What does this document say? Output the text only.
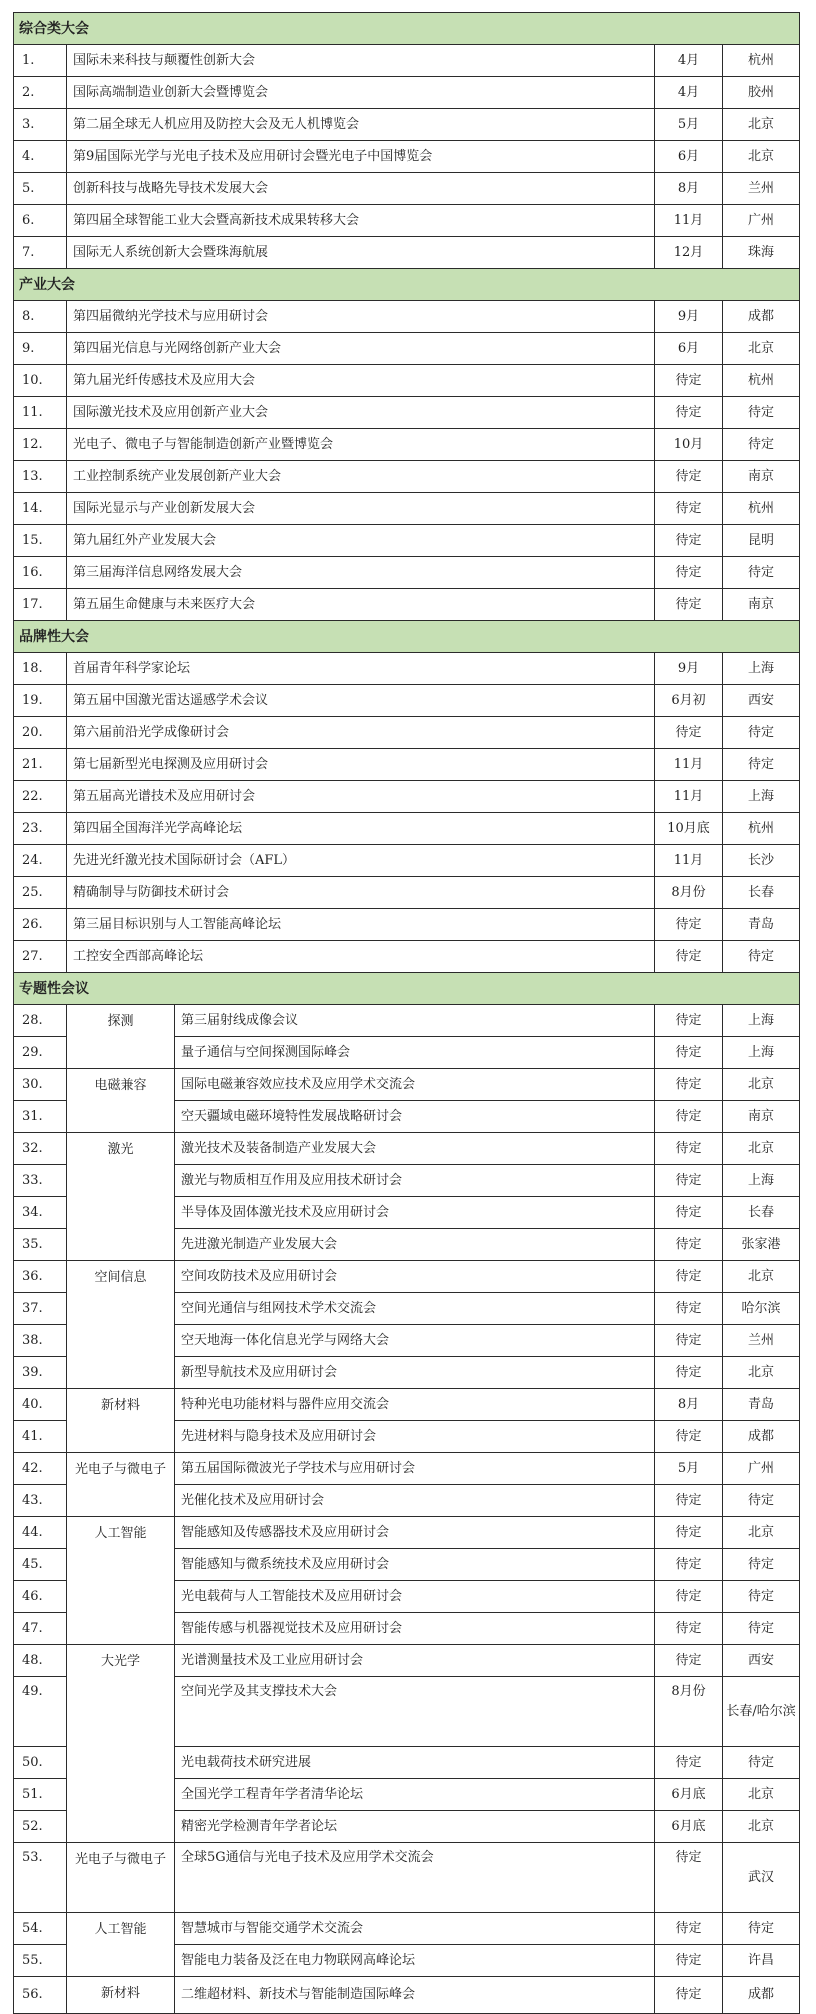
综合类大会				
1.	国际未来科技与颠覆性创新大会		4月	杭州
2.	国际高端制造业创新大会暨博览会		4月	胶州
3.	第二届全球无人机应用及防控大会及无人机博览会		5月	北京
4.	第9届国际光学与光电子技术及应用研讨会暨光电子中国博览会		6月	北京
5.	创新科技与战略先导技术发展大会		8月	兰州
6.	第四届全球智能工业大会暨高新技术成果转移大会		11月	广州
7.	国际无人系统创新大会暨珠海航展		12月	珠海
产业大会				
8.	第四届微纳光学技术与应用研讨会		9月	成都
9.	第四届光信息与光网络创新产业大会		6月	北京
10.	第九届光纤传感技术及应用大会		待定	杭州
11.	国际激光技术及应用创新产业大会		待定	待定
12.	光电子、微电子与智能制造创新产业暨博览会		10月	待定
13.	工业控制系统产业发展创新产业大会		待定	南京
14.	国际光显示与产业创新发展大会		待定	杭州
15.	第九届红外产业发展大会		待定	昆明
16.	第三届海洋信息网络发展大会		待定	待定
17.	第五届生命健康与未来医疗大会		待定	南京
品牌性大会				
18.	首届青年科学家论坛		9月	上海
19.	第五届中国激光雷达遥感学术会议		6月初	西安
20.	第六届前沿光学成像研讨会		待定	待定
21.	第七届新型光电探测及应用研讨会		11月	待定
22.	第五届高光谱技术及应用研讨会		11月	上海
23.	第四届全国海洋光学高峰论坛		10月底	杭州
24.	先进光纤激光技术国际研讨会（AFL）		11月	长沙
25.	精确制导与防御技术研讨会		8月份	长春
26.	第三届目标识别与人工智能高峰论坛		待定	青岛
27.	工控安全西部高峰论坛		待定	待定
专题性会议				
28.	探测	第三届射线成像会议	待定	上海
29.		量子通信与空间探测国际峰会	待定	上海
30.	电磁兼容	国际电磁兼容效应技术及应用学术交流会	待定	北京
31.		空天疆域电磁环境特性发展战略研讨会	待定	南京
32.	激光	激光技术及装备制造产业发展大会	待定	北京
33.		激光与物质相互作用及应用技术研讨会	待定	上海
34.		半导体及固体激光技术及应用研讨会	待定	长春
35.		先进激光制造产业发展大会	待定	张家港
36.	空间信息	空间攻防技术及应用研讨会	待定	北京
37.		空间光通信与组网技术学术交流会	待定	哈尔滨
38.		空天地海一体化信息光学与网络大会	待定	兰州
39.		新型导航技术及应用研讨会	待定	北京
40.	新材料	特种光电功能材料与器件应用交流会	8月	青岛
41.		先进材料与隐身技术及应用研讨会	待定	成都
42.	光电子与微电子	第五届国际微波光子学技术与应用研讨会	5月	广州
43.		光催化技术及应用研讨会	待定	待定
44.	人工智能	智能感知及传感器技术及应用研讨会	待定	北京
45.		智能感知与微系统技术及应用研讨会	待定	待定
46.		光电载荷与人工智能技术及应用研讨会	待定	待定
47.		智能传感与机器视觉技术及应用研讨会	待定	待定
48.	大光学	光谱测量技术及工业应用研讨会	待定	西安
49.		空间光学及其支撑技术大会	8月份	长春/哈尔滨
50.		光电载荷技术研究进展	待定	待定
51.		全国光学工程青年学者清华论坛	6月底	北京
52.		精密光学检测青年学者论坛	6月底	北京
53.	光电子与微电子	全球5G通信与光电子技术及应用学术交流会	待定	武汉
54.	人工智能	智慧城市与智能交通学术交流会	待定	待定
55.		智能电力装备及泛在电力物联网高峰论坛	待定	许昌
56.	新材料	二维超材料、新技术与智能制造国际峰会	待定	成都
